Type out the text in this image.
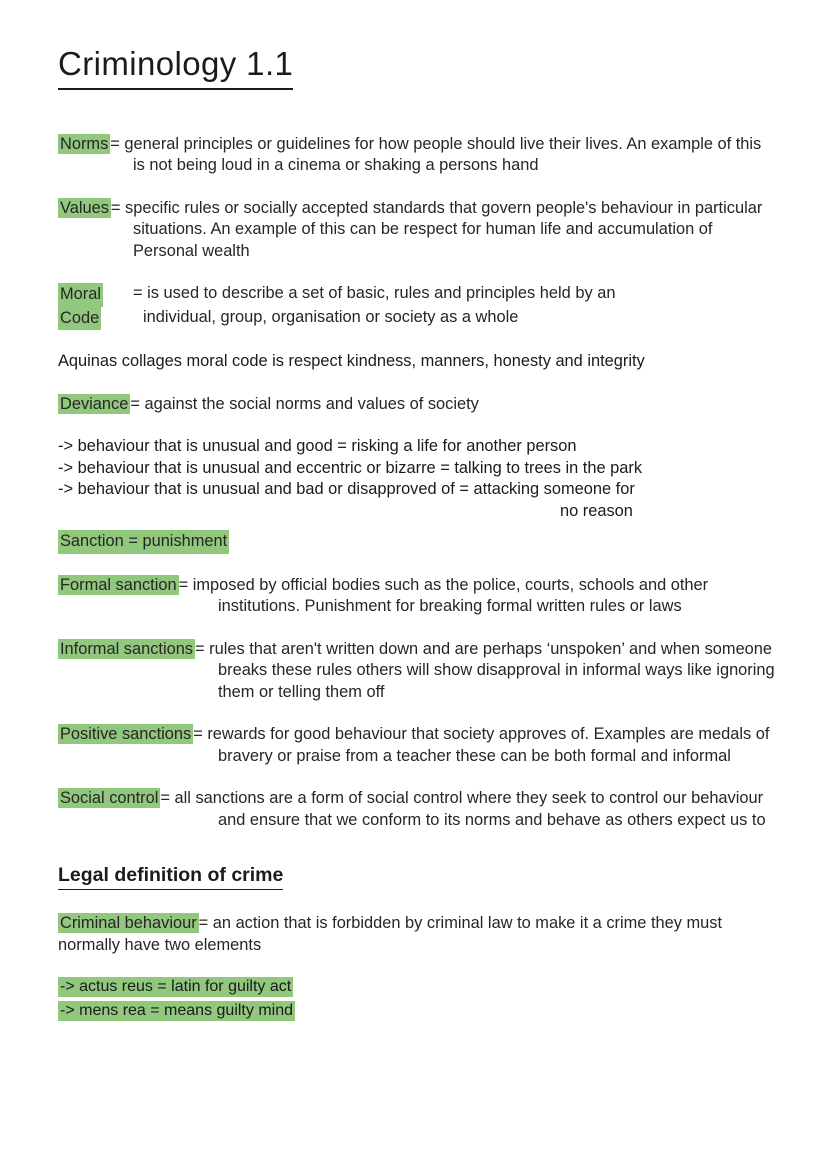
Criminology 1.1
Norms = general principles or guidelines for how people should live their lives. An example of this is not being loud in a cinema or shaking a persons hand
Values = specific rules or socially accepted standards that govern people's behaviour in particular situations. An example of this can be respect for human life and accumulation of Personal wealth
Moral	= is used to describe a set of basic, rules and principles held by an
Code	individual, group, organisation or society as a whole
Aquinas collages moral code is respect kindness, manners, honesty and integrity
Deviance = against the social norms and values of society
-> behaviour that is unusual and good = risking a life for another person
-> behaviour that is unusual and eccentric or bizarre = talking to trees in the park
-> behaviour that is unusual and bad or disapproved of = attacking someone for
no reason
Sanction = punishment
Formal sanction = imposed by official bodies such as the police, courts, schools and other institutions. Punishment for breaking formal written rules or laws
Informal sanctions = rules that aren't written down and are perhaps ‘unspoken’ and when someone breaks these rules others will show disapproval in informal ways like ignoring them or telling them off
Positive sanctions = rewards for good behaviour that society approves of. Examples are medals of bravery or praise from a teacher these can be both formal and informal
Social control = all sanctions are a form of social control where they seek to control our behaviour and ensure that we conform to its norms and behave as others expect us to
Legal definition of crime
Criminal behaviour = an action that is forbidden by criminal law to make it a crime they must normally have two elements
-> actus reus = latin for guilty act
-> mens rea = means guilty mind
